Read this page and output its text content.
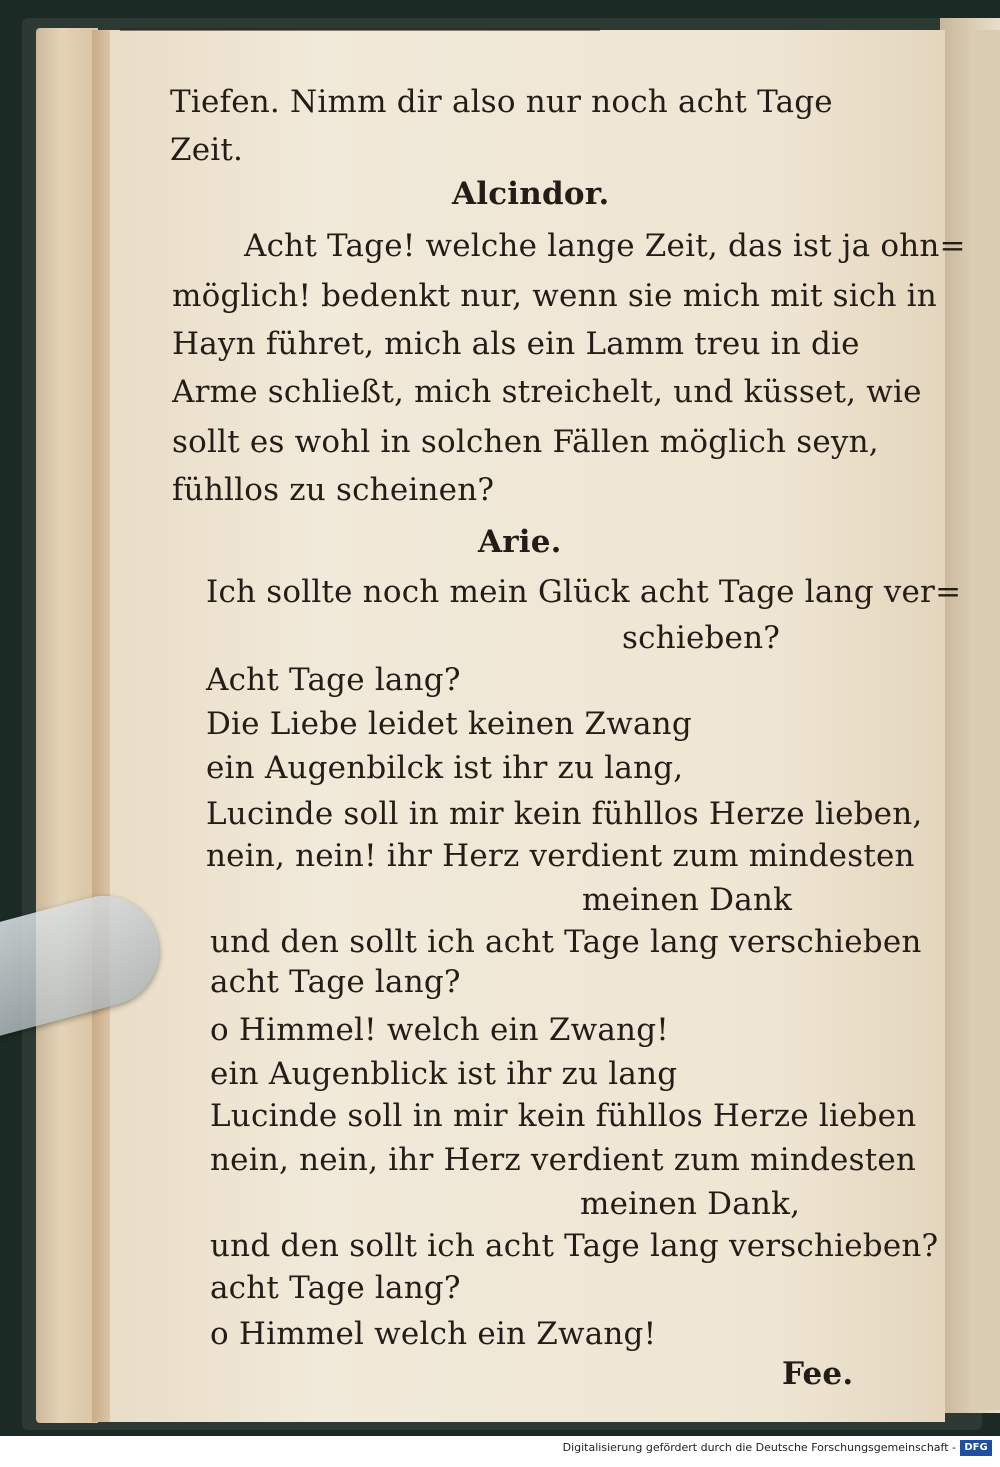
Tiefen. Nimm dir also nur noch acht Tage
Zeit.
Alcindor.
Acht Tage! welche lange Zeit, das ist ja ohn=
möglich! bedenkt nur, wenn sie mich mit sich in
Hayn führet, mich als ein Lamm treu in die
Arme schließt, mich streichelt, und küsset, wie
sollt es wohl in solchen Fällen möglich seyn,
fühllos zu scheinen?
Arie.
Ich sollte noch mein Glück acht Tage lang ver=
schieben?
Acht Tage lang?
Die Liebe leidet keinen Zwang
ein Augenbilck ist ihr zu lang,
Lucinde soll in mir kein fühllos Herze lieben,
nein, nein! ihr Herz verdient zum mindesten
meinen Dank
und den sollt ich acht Tage lang verschieben
acht Tage lang?
o Himmel! welch ein Zwang!
ein Augenblick ist ihr zu lang
Lucinde soll in mir kein fühllos Herze lieben
nein, nein, ihr Herz verdient zum mindesten
meinen Dank,
und den sollt ich acht Tage lang verschieben?
acht Tage lang?
o Himmel welch ein Zwang!
Fee.
Digitalisierung gefördert durch die Deutsche Forschungsgemeinschaft - DFG
